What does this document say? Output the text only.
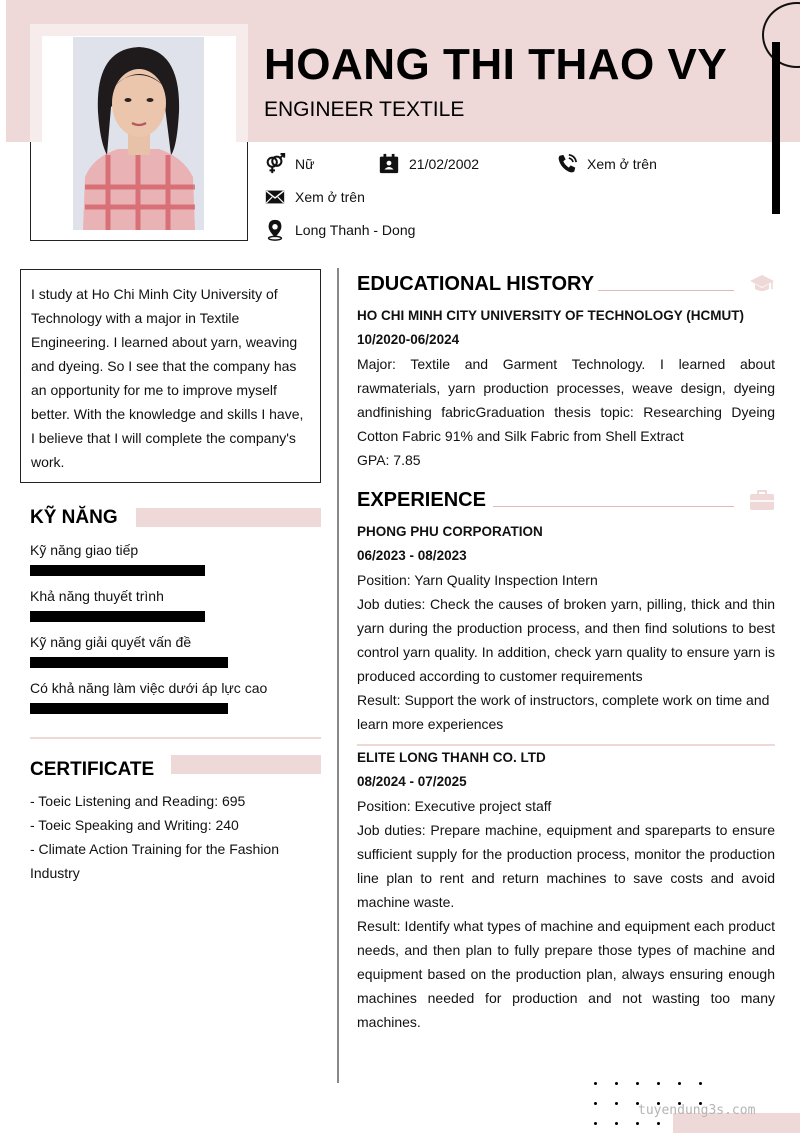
HOANG THI THAO VY
ENGINEER TEXTILE
Nữ	21/02/2002	Xem ở trên
Xem ở trên
Long Thanh - Dong

I study at Ho Chi Minh City University of Technology with a major in Textile Engineering. I learned about yarn, weaving and dyeing. So I see that the company has an opportunity for me to improve myself better. With the knowledge and skills I have, I believe that I will complete the company's work.

KỸ NĂNG
Kỹ năng giao tiếp
Khả năng thuyết trình
Kỹ năng giải quyết vấn đề
Có khả năng làm việc dưới áp lực cao
CERTIFICATE
- Toeic Listening and Reading: 695
- Toeic Speaking and Writing: 240
- Climate Action Training for the Fashion Industry
EDUCATIONAL HISTORY
HO CHI MINH CITY UNIVERSITY OF TECHNOLOGY (HCMUT)
10/2020-06/2024
Major: Textile and Garment Technology. I learned about rawmaterials, yarn production processes, weave design, dyeing andfinishing fabricGraduation thesis topic: Researching Dyeing Cotton Fabric 91% and Silk Fabric from Shell Extract
GPA: 7.85
EXPERIENCE
PHONG PHU CORPORATION
06/2023 - 08/2023
Position: Yarn Quality Inspection Intern
Job duties: Check the causes of broken yarn, pilling, thick and thin yarn during the production process, and then find solutions to best control yarn quality. In addition, check yarn quality to ensure yarn is produced according to customer requirements
Result: Support the work of instructors, complete work on time and learn more experiences
ELITE LONG THANH CO. LTD
08/2024 - 07/2025
Position: Executive project staff
Job duties: Prepare machine, equipment and spareparts to ensure sufficient supply for the production process, monitor the production line plan to rent and return machines to save costs and avoid machine waste.
Result: Identify what types of machine and equipment each product needs, and then plan to fully prepare those types of machine and equipment based on the production plan, always ensuring enough machines needed for production and not wasting too many machines.
tuyendung3s.com
